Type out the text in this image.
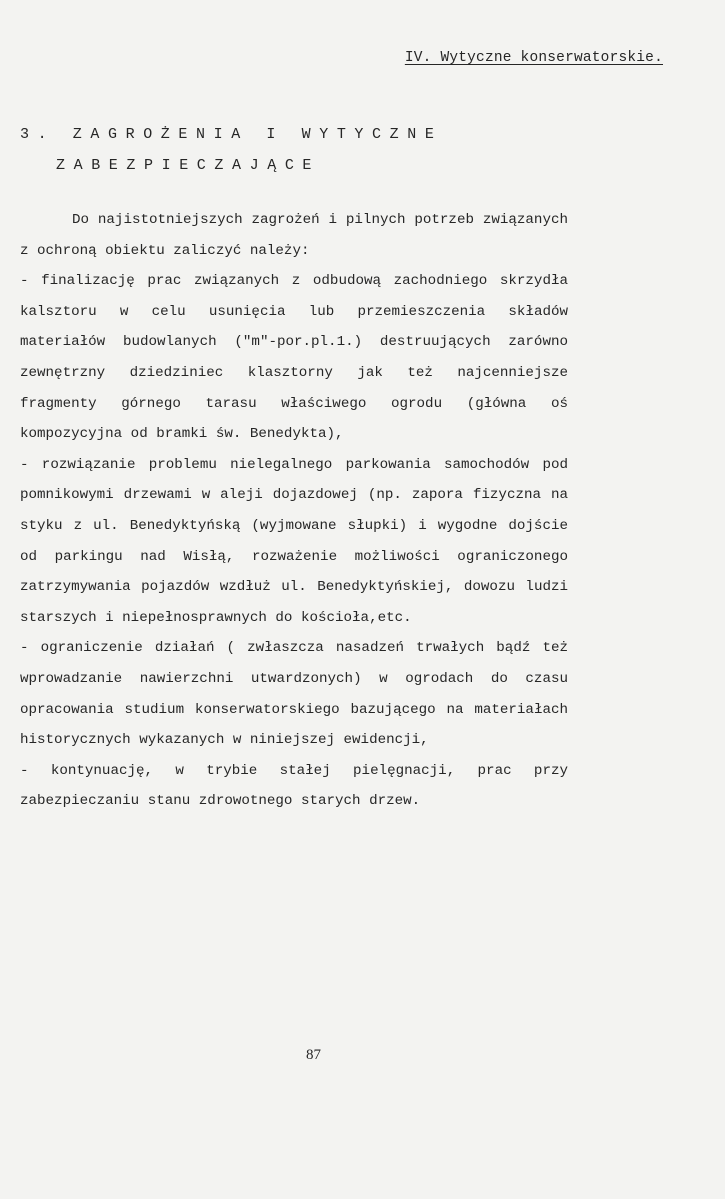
IV. Wytyczne konserwatorskie.
3. ZAGROŻENIA I WYTYCZNE
ZABEZPIECZAJĄCE

Do najistotniejszych zagrożeń i pilnych potrzeb związanych z ochroną obiektu zaliczyć należy:

- finalizację prac związanych z odbudową zachodniego skrzydła kalsztoru w celu usunięcia lub przemieszczenia składów materiałów budowlanych ("m"-por.pl.1.) destruujących zarówno zewnętrzny dziedziniec klasztorny jak też najcenniejsze fragmenty górnego tarasu właściwego ogrodu (główna oś kompozycyjna od bramki św. Benedykta),

- rozwiązanie problemu nielegalnego parkowania samochodów pod pomnikowymi drzewami w aleji dojazdowej (np. zapora fizyczna na styku z ul. Benedyktyńską (wyjmowane słupki) i wygodne dojście od parkingu nad Wisłą, rozważenie możliwości ograniczonego zatrzymywania pojazdów wzdłuż ul. Benedyktyńskiej, dowozu ludzi starszych i niepełnosprawnych do kościoła,etc.

- ograniczenie działań ( zwłaszcza nasadzeń trwałych bądź też wprowadzanie nawierzchni utwardzonych) w ogrodach do czasu opracowania studium konserwatorskiego bazującego na materiałach historycznych wykazanych w niniejszej ewidencji,

- kontynuację, w trybie stałej pielęgnacji, prac przy zabezpieczaniu stanu zdrowotnego starych drzew.

87
